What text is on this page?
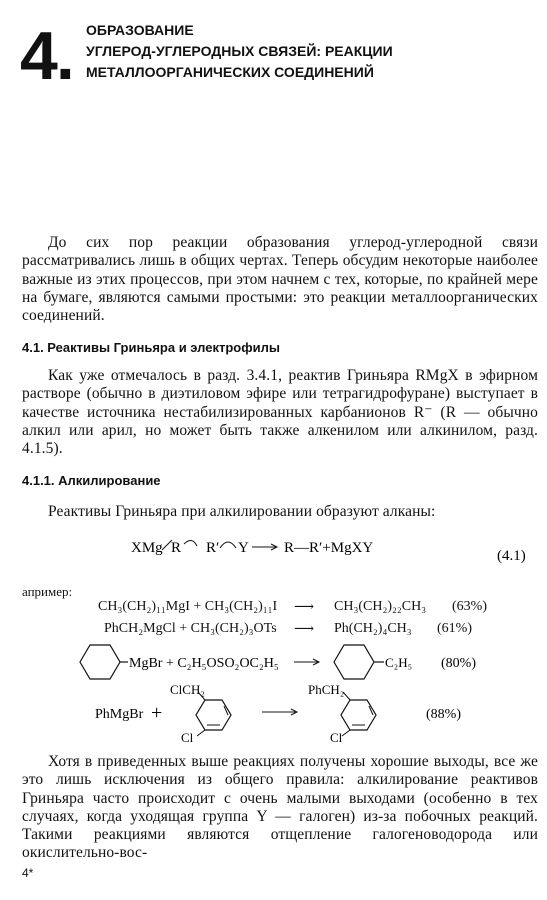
4. ОБРАЗОВАНИЕ
УГЛЕРОД-УГЛЕРОДНЫХ СВЯЗЕЙ: РЕАКЦИИ
МЕТАЛЛООРГАНИЧЕСКИХ СОЕДИНЕНИЙ

До сих пор реакции образования углерод-углеродной связи рассматривались лишь в общих чертах. Теперь обсудим некоторые наиболее важные из этих процессов, при этом начнем с тех, которые, по крайней мере на бумаге, являются самыми простыми: это реакции металлоорганических соединений.

4.1. Реактивы Гриньяра и электрофилы

Как уже отмечалось в разд. 3.4.1, реактив Гриньяра RMgX в эфирном растворе (обычно в диэтиловом эфире или тетрагидрофуране) выступает в качестве источника нестабилизированных карбанионов R⁻ (R — обычно алкил или арил, но может быть также алкенилом или алкинилом, разд. 4.1.5).

4.1.1. Алкилирование

Реактивы Гриньяра при алкилировании образуют алканы:

XMg R R′ Y R—R′+MgXY	(4.1)
апример:
CH₃(CH₂)₁₁MgI + CH₃(CH₂)₁₁I ⟶ CH₃(CH₂)₂₂CH₃ (63%)
PhCH₂MgCl + CH₃(CH₂)₃OTs ⟶ Ph(CH₂)₄CH₃ (61%)
MgBr + C₂H₅OSO₂OC₂H₅	C₂H₅ (80%)
PhMgBr +
ClCH₂
Cl
PhCH₂
Cl
(88%)

Хотя в приведенных выше реакциях получены хорошие выходы, все же это лишь исключения из общего правила: алкилирование реактивов Гриньяра часто происходит с очень малыми выходами (особенно в тех случаях, когда уходящая группа Y — галоген) из-за побочных реакций. Такими реакциями являются отщепление галогеноводорода или окислительно-вос-

4*
